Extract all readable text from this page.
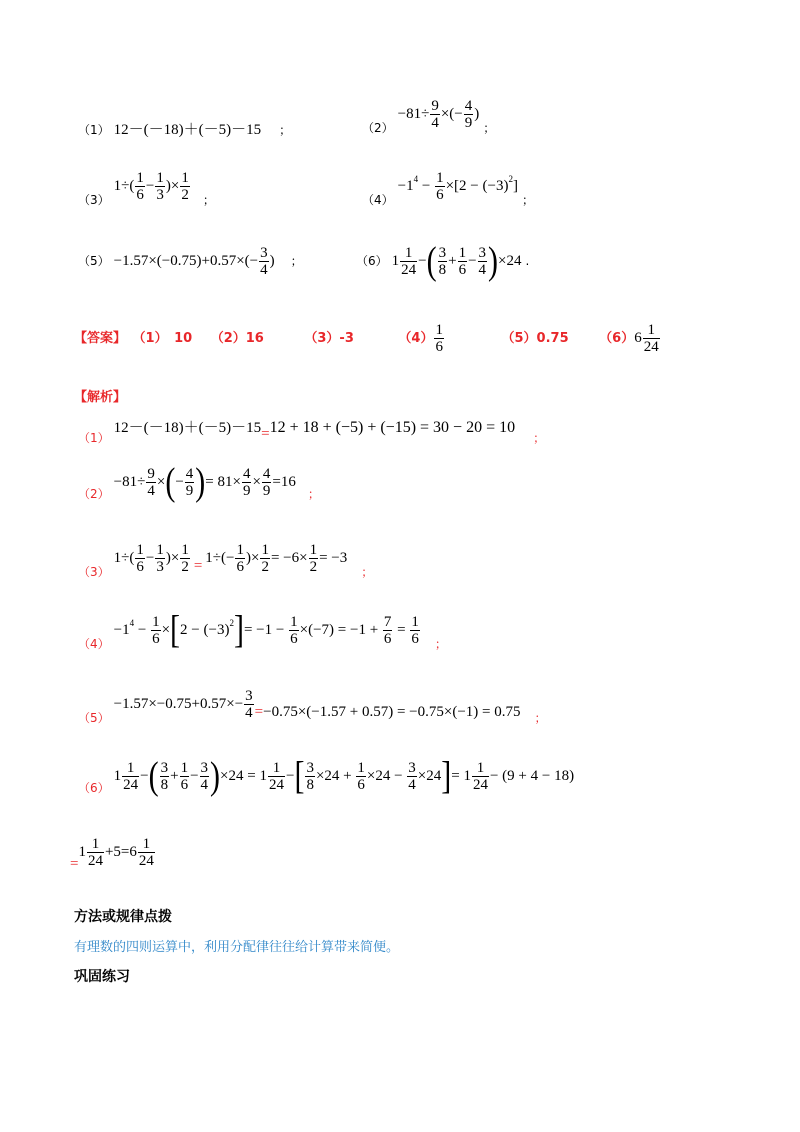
（1） 12－(－18)＋(－5)－15 ；	$_{(2)} -81\div \frac{9}{4}$ ×(− $\frac{4}{9}$ ) $_;$
$_{(3)}$ $1\div( \frac{1}{6} - \frac{1}{3}$ )× $\frac{1}{2} _;$	$_{(4)} -1^4 - \frac{1}{6} \times[2 - (-3)^2]$ $_;$
$(5) -1.57\times(-0.75)+0.57\times(- \frac{3}{4}$ ) ；	（6） $1 \frac{1}{24}$ −( $\frac{3}{8} + \frac{1}{6} - \frac{3}{4} )\times 24$ .
【答案】 （1）　10 （2）16	（3）-3	$(4) \frac{1}{6}$	（5）0.75 $(6)6 \frac{1}{24}$
【解析】
$_{(1)}$ 12－(－18)＋(－5)－15=12 + 18 + (−5) + (−15) = 30 − 20 = 10 $_;$
$_{(2)} -81\div \frac{9}{4}$ ×(− $\frac{4}{9}$ )= $81\times \frac{4}{9} \times \frac{4}{9} =16$ $_;$
$_{(3)}$ $1\div( \frac{1}{6} - \frac{1}{3}$ )× $\frac{1}{2} = 1\div(- \frac{1}{6}$ )× $\frac{1}{2} = -6\times \frac{1}{2} = -3$ $_;$
$_{(4)} -1^4 - \frac{1}{6} \times[2 - (-3)^2]= -1 - \frac{1}{6} \times(-7) = -1 + \frac{7}{6} = \frac{1}{6} _;$
$_{(5)} -1.57\times-0.75+0.57\times- \frac{3}{4} =-0.75\times(-1.57 + 0.57) = -0.75\times(-1) = 0.75$ $_;$
$_{(6)}$ $1 \frac{1}{24}$ −( $\frac{3}{8} + \frac{1}{6} - \frac{3}{4} )\times 24 = 1 \frac{1}{24}$ −[ $\frac{3}{8} \times 24 + \frac{1}{6} \times 24 - \frac{3}{4} \times 24]= 1 \frac{1}{24} - (9 + 4 - 18)$
$=1 \frac{1}{24} +5=6 \frac{1}{24}$
方法或规律点拨
有理数的四则运算中，利用分配律往往给计算带来简便。
巩固练习
